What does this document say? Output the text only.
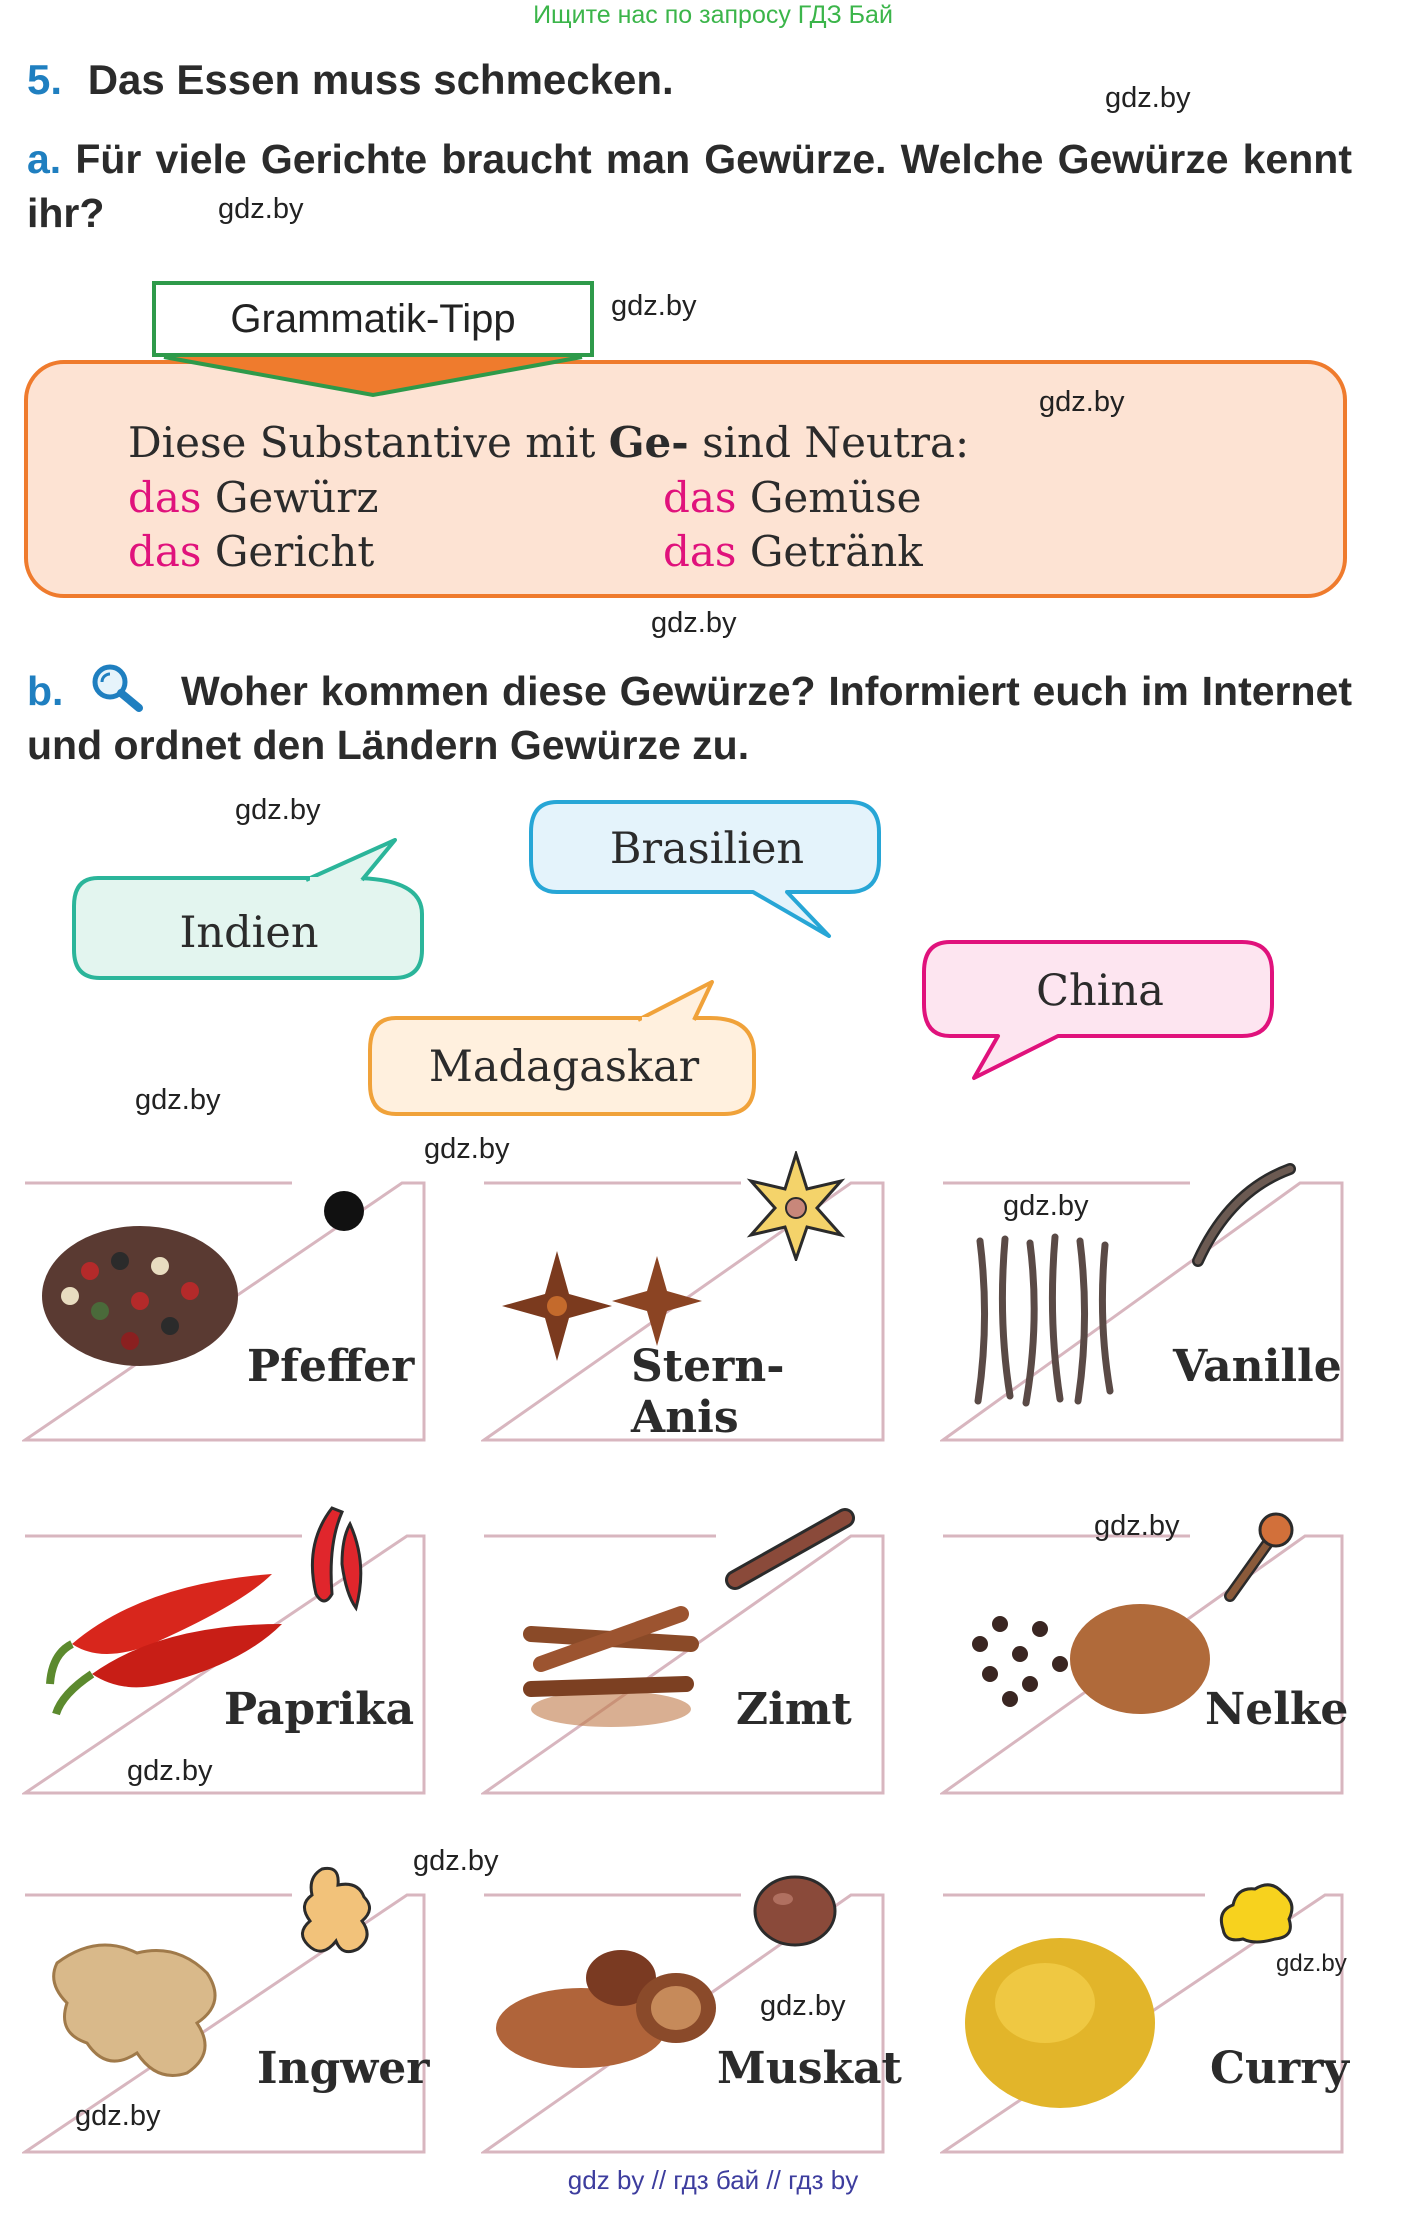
Ищите нас по запросу ГДЗ Бай
5. Das Essen muss schmecken.	gdz.by
a. Für viele Gerichte braucht man Gewürze. Welche Gewürze kennt ihr?	gdz.by
Grammatik-Tipp	gdz.by
gdz.by
Diese Substantive mit Ge- sind Neutra:
das Gewürz	das Gemüse
das Gericht	das Getränk
gdz.by
b.	Woher kommen diese Gewürze? Informiert euch im Internet und ordnet den Ländern Gewürze zu.
gdz.by
Indien
Brasilien
China
Madagaskar
gdz.by
gdz.by
Pfeffer	Stern-Anis
Vanille
gdz.by
Paprika
gdz.by
Zimt	Nelke
gdz.by
gdz.by
Ingwer
gdz.by
Muskat
gdz.by
Curry
gdz.by
gdz by // гдз бай // гдз by
